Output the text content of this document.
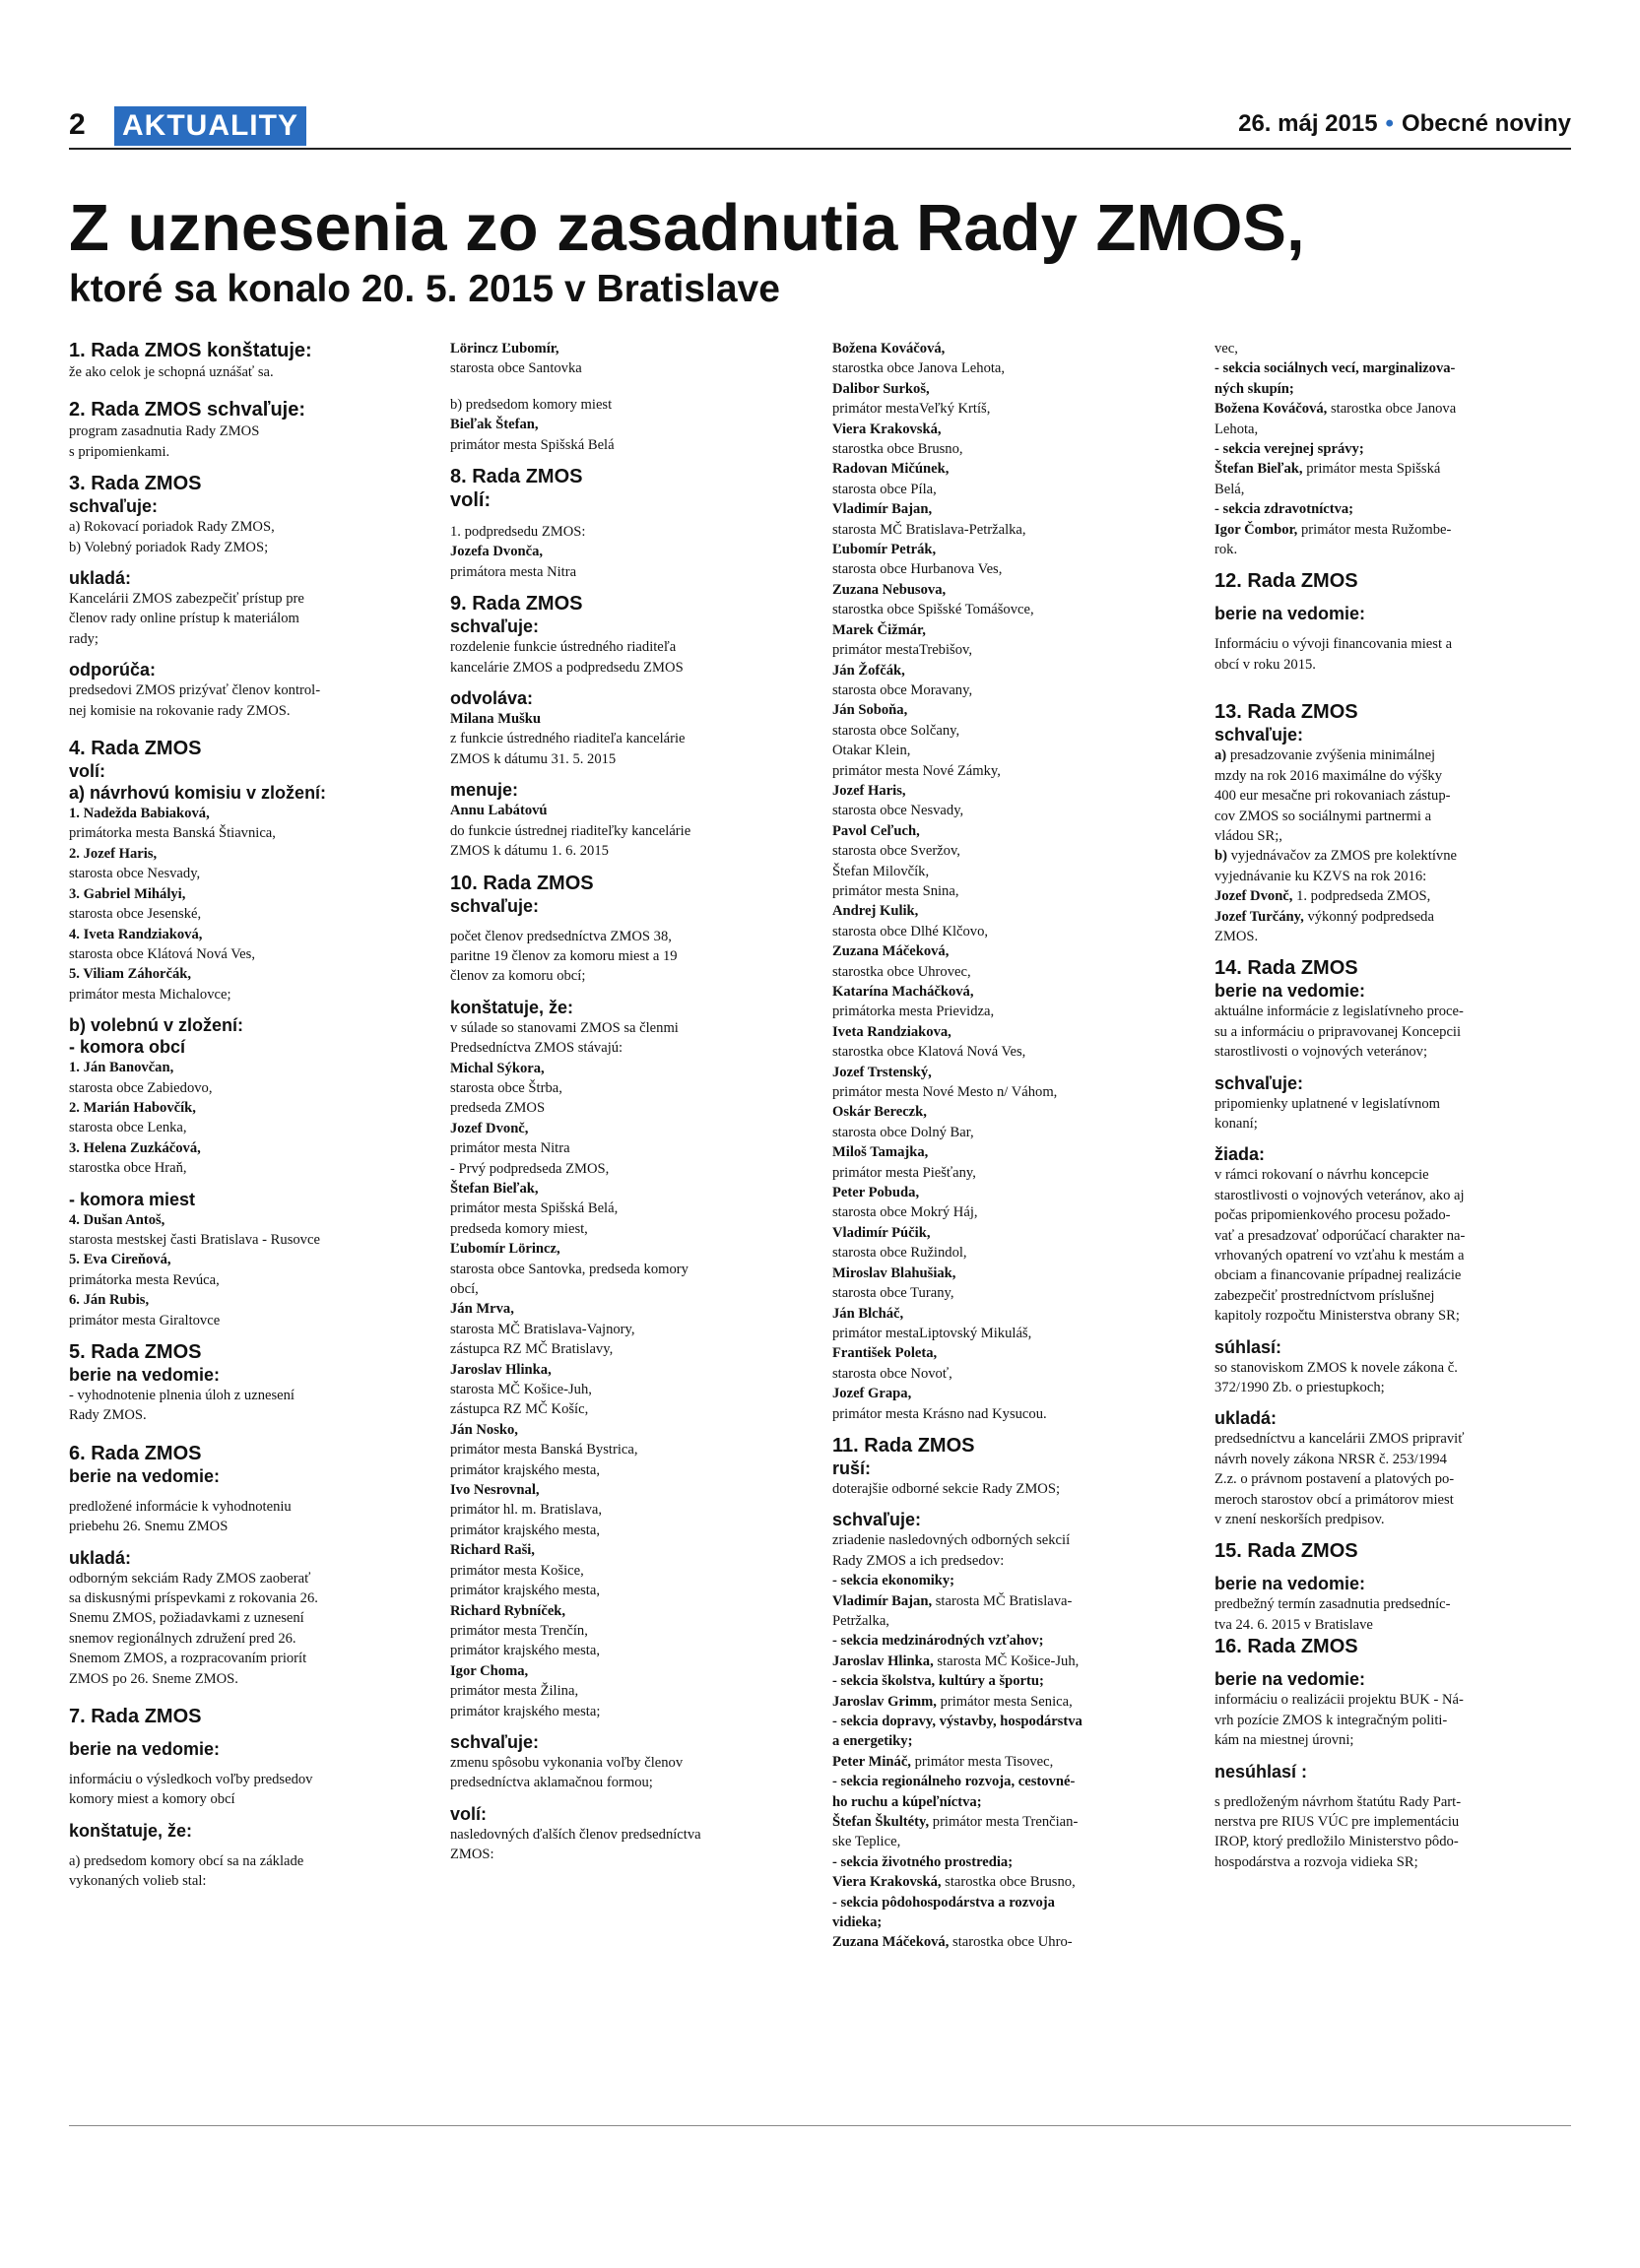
2 AKTUALITY	26. máj 2015 • Obecné noviny
Z uznesenia zo zasadnutia Rady ZMOS,
ktoré sa konalo 20. 5. 2015 v Bratislave

1. Rada ZMOS konštatuje:

že ako celok je schopná uznášať sa.

2. Rada ZMOS schvaľuje:

program zasadnutia Rady ZMOS

s pripomienkami.

3. Rada ZMOS

schvaľuje:

a) Rokovací poriadok Rady ZMOS,

b) Volebný poriadok Rady ZMOS;

ukladá:

Kancelárii ZMOS zabezpečiť prístup pre

členov rady online prístup k materiálom

rady;

odporúča:

predsedovi ZMOS prizývať členov kontrol-

nej komisie na rokovanie rady ZMOS.

4. Rada ZMOS

volí:

a) návrhovú komisiu v zložení:

1. Nadežda Babiaková,

primátorka mesta Banská Štiavnica,

2. Jozef Haris,

starosta obce Nesvady,

3. Gabriel Mihályi,

starosta obce Jesenské,

4. Iveta Randziaková,

starosta obce Klátová Nová Ves,

5. Viliam Záhorčák,

primátor mesta Michalovce;

b) volebnú v zložení:

- komora obcí

1. Ján Banovčan,

starosta obce Zabiedovo,

2. Marián Habovčík,

starosta obce Lenka,

3. Helena Zuzkáčová,

starostka obce Hraň,

- komora miest

4. Dušan Antoš,

starosta mestskej časti Bratislava - Rusovce

5. Eva Cireňová,

primátorka mesta Revúca,

6. Ján Rubis,

primátor mesta Giraltovce

5. Rada ZMOS

berie na vedomie:

- vyhodnotenie plnenia úloh z uznesení

Rady ZMOS.

6. Rada ZMOS

berie na vedomie:

predložené informácie k vyhodnoteniu

priebehu 26. Snemu ZMOS

ukladá:

odborným sekciám Rady ZMOS zaoberať

sa diskusnými príspevkami z rokovania 26.

Snemu ZMOS, požiadavkami z uznesení

snemov regionálnych združení pred 26.

Snemom ZMOS, a rozpracovaním priorít

ZMOS po 26. Sneme ZMOS.

7. Rada ZMOS

berie na vedomie:

informáciu o výsledkoch voľby predsedov

komory miest a komory obcí

konštatuje, že:

a) predsedom komory obcí sa na základe

vykonaných volieb stal:

Lörincz Ľubomír,

starosta obce Santovka

b) predsedom komory miest

Bieľak Štefan,

primátor mesta Spišská Belá

8. Rada ZMOS

volí:

1. podpredsedu ZMOS:

Jozefa Dvonča,

primátora mesta Nitra

9. Rada ZMOS

schvaľuje:

rozdelenie funkcie ústredného riaditeľa

kancelárie ZMOS a podpredsedu ZMOS

odvoláva:

Milana Mušku

z funkcie ústredného riaditeľa kancelárie

ZMOS k dátumu 31. 5. 2015

menuje:

Annu Labátovú

do funkcie ústrednej riaditeľky kancelárie

ZMOS k dátumu 1. 6. 2015

10. Rada ZMOS

schvaľuje:

počet členov predsedníctva ZMOS 38,

paritne 19 členov za komoru miest a 19

členov za komoru obcí;

konštatuje, že:

v súlade so stanovami ZMOS sa členmi

Predsedníctva ZMOS stávajú:

Michal Sýkora,

starosta obce Štrba,

predseda ZMOS

Jozef Dvonč,

primátor mesta Nitra

- Prvý podpredseda ZMOS,

Štefan Bieľak,

primátor mesta Spišská Belá,

predseda komory miest,

Ľubomír Lörincz,

starosta obce Santovka, predseda komory

obcí,

Ján Mrva,

starosta MČ Bratislava-Vajnory,

zástupca RZ MČ Bratislavy,

Jaroslav Hlinka,

starosta MČ Košice-Juh,

zástupca RZ MČ Košíc,

Ján Nosko,

primátor mesta Banská Bystrica,

primátor krajského mesta,

Ivo Nesrovnal,

primátor hl. m. Bratislava,

primátor krajského mesta,

Richard Raši,

primátor mesta Košice,

primátor krajského mesta,

Richard Rybníček,

primátor mesta Trenčín,

primátor krajského mesta,

Igor Choma,

primátor mesta Žilina,

primátor krajského mesta;

schvaľuje:

zmenu spôsobu vykonania voľby členov

predsedníctva aklamačnou formou;

volí:

nasledovných ďalších členov predsedníctva

ZMOS:

Božena Kováčová,

starostka obce Janova Lehota,

Dalibor Surkoš,

primátor mestaVeľký Krtíš,

Viera Krakovská,

starostka obce Brusno,

Radovan Mičúnek,

starosta obce Píla,

Vladimír Bajan,

starosta MČ Bratislava-Petržalka,

Ľubomír Petrák,

starosta obce Hurbanova Ves,

Zuzana Nebusova,

starostka obce Spišské Tomášovce,

Marek Čižmár,

primátor mestaTrebišov,

Ján Žofčák,

starosta obce Moravany,

Ján Soboňa,

starosta obce Solčany,

Otakar Klein,

primátor mesta Nové Zámky,

Jozef Haris,

starosta obce Nesvady,

Pavol Ceľuch,

starosta obce Sveržov,

Štefan Milovčík,

primátor mesta Snina,

Andrej Kulik,

starosta obce Dlhé Klčovo,

Zuzana Máčeková,

starostka obce Uhrovec,

Katarína Macháčková,

primátorka mesta Prievidza,

Iveta Randziakova,

starostka obce Klatová Nová Ves,

Jozef Trstenský,

primátor mesta Nové Mesto n/ Váhom,

Oskár Bereczk,

starosta obce Dolný Bar,

Miloš Tamajka,

primátor mesta Piešťany,

Peter Pobuda,

starosta obce Mokrý Háj,

Vladimír Púčik,

starosta obce Ružindol,

Miroslav Blahušiak,

starosta obce Turany,

Ján Blcháč,

primátor mestaLiptovský Mikuláš,

František Poleta,

starosta obce Novoť,

Jozef Grapa,

primátor mesta Krásno nad Kysucou.

11. Rada ZMOS

ruší:

doterajšie odborné sekcie Rady ZMOS;

schvaľuje:

zriadenie nasledovných odborných sekcií

Rady ZMOS a ich predsedov:

- sekcia ekonomiky;

Vladimír Bajan, starosta MČ Bratislava-

Petržalka,

- sekcia medzinárodných vzťahov;

Jaroslav Hlinka, starosta MČ Košice-Juh,

- sekcia školstva, kultúry a športu;

Jaroslav Grimm, primátor mesta Senica,

- sekcia dopravy, výstavby, hospodárstva

a energetiky;

Peter Mináč, primátor mesta Tisovec,

- sekcia regionálneho rozvoja, cestovné-

ho ruchu a kúpeľníctva;

Štefan Škultéty, primátor mesta Trenčian-

ske Teplice,

- sekcia životného prostredia;

Viera Krakovská, starostka obce Brusno,

- sekcia pôdohospodárstva a rozvoja

vidieka;

Zuzana Máčeková, starostka obce Uhro-

vec,

- sekcia sociálnych vecí, marginalizova-

ných skupín;

Božena Kováčová, starostka obce Janova

Lehota,

- sekcia verejnej správy;

Štefan Bieľak, primátor mesta Spišská

Belá,

- sekcia zdravotníctva;

Igor Čombor, primátor mesta Ružombe-

rok.

12. Rada ZMOS

berie na vedomie:

Informáciu o vývoji financovania miest a

obcí v roku 2015.

13. Rada ZMOS

schvaľuje:

a) presadzovanie zvýšenia minimálnej

mzdy na rok 2016 maximálne do výšky

400 eur mesačne pri rokovaniach zástup-

cov ZMOS so sociálnymi partnermi a

vládou SR;,

b) vyjednávačov za ZMOS pre kolektívne

vyjednávanie ku KZVS na rok 2016:

Jozef Dvonč, 1. podpredseda ZMOS,

Jozef Turčány, výkonný podpredseda

ZMOS.

14. Rada ZMOS

berie na vedomie:

aktuálne informácie z legislatívneho proce-

su a informáciu o pripravovanej Koncepcii

starostlivosti o vojnových veteránov;

schvaľuje:

pripomienky uplatnené v legislatívnom

konaní;

žiada:

v rámci rokovaní o návrhu koncepcie

starostlivosti o vojnových veteránov, ako aj

počas pripomienkového procesu požado-

vať a presadzovať odporúčací charakter na-

vrhovaných opatrení vo vzťahu k mestám a

obciam a financovanie prípadnej realizácie

zabezpečiť prostredníctvom príslušnej

kapitoly rozpočtu Ministerstva obrany SR;

súhlasí:

so stanoviskom ZMOS k novele zákona č.

372/1990 Zb. o priestupkoch;

ukladá:

predsedníctvu a kancelárii ZMOS pripraviť

návrh novely zákona NRSR č. 253/1994

Z.z. o právnom postavení a platových po-

meroch starostov obcí a primátorov miest

v znení neskorších predpisov.

15. Rada ZMOS

berie na vedomie:

predbežný termín zasadnutia predsedníc-

tva 24. 6. 2015 v Bratislave

16. Rada ZMOS

berie na vedomie:

informáciu o realizácii projektu BUK - Ná-

vrh pozície ZMOS k integračným politi-

kám na miestnej úrovni;

nesúhlasí :

s predloženým návrhom štatútu Rady Part-

nerstva pre RIUS VÚC pre implementáciu

IROP, ktorý predložilo Ministerstvo pôdo-

hospodárstva a rozvoja vidieka SR;
